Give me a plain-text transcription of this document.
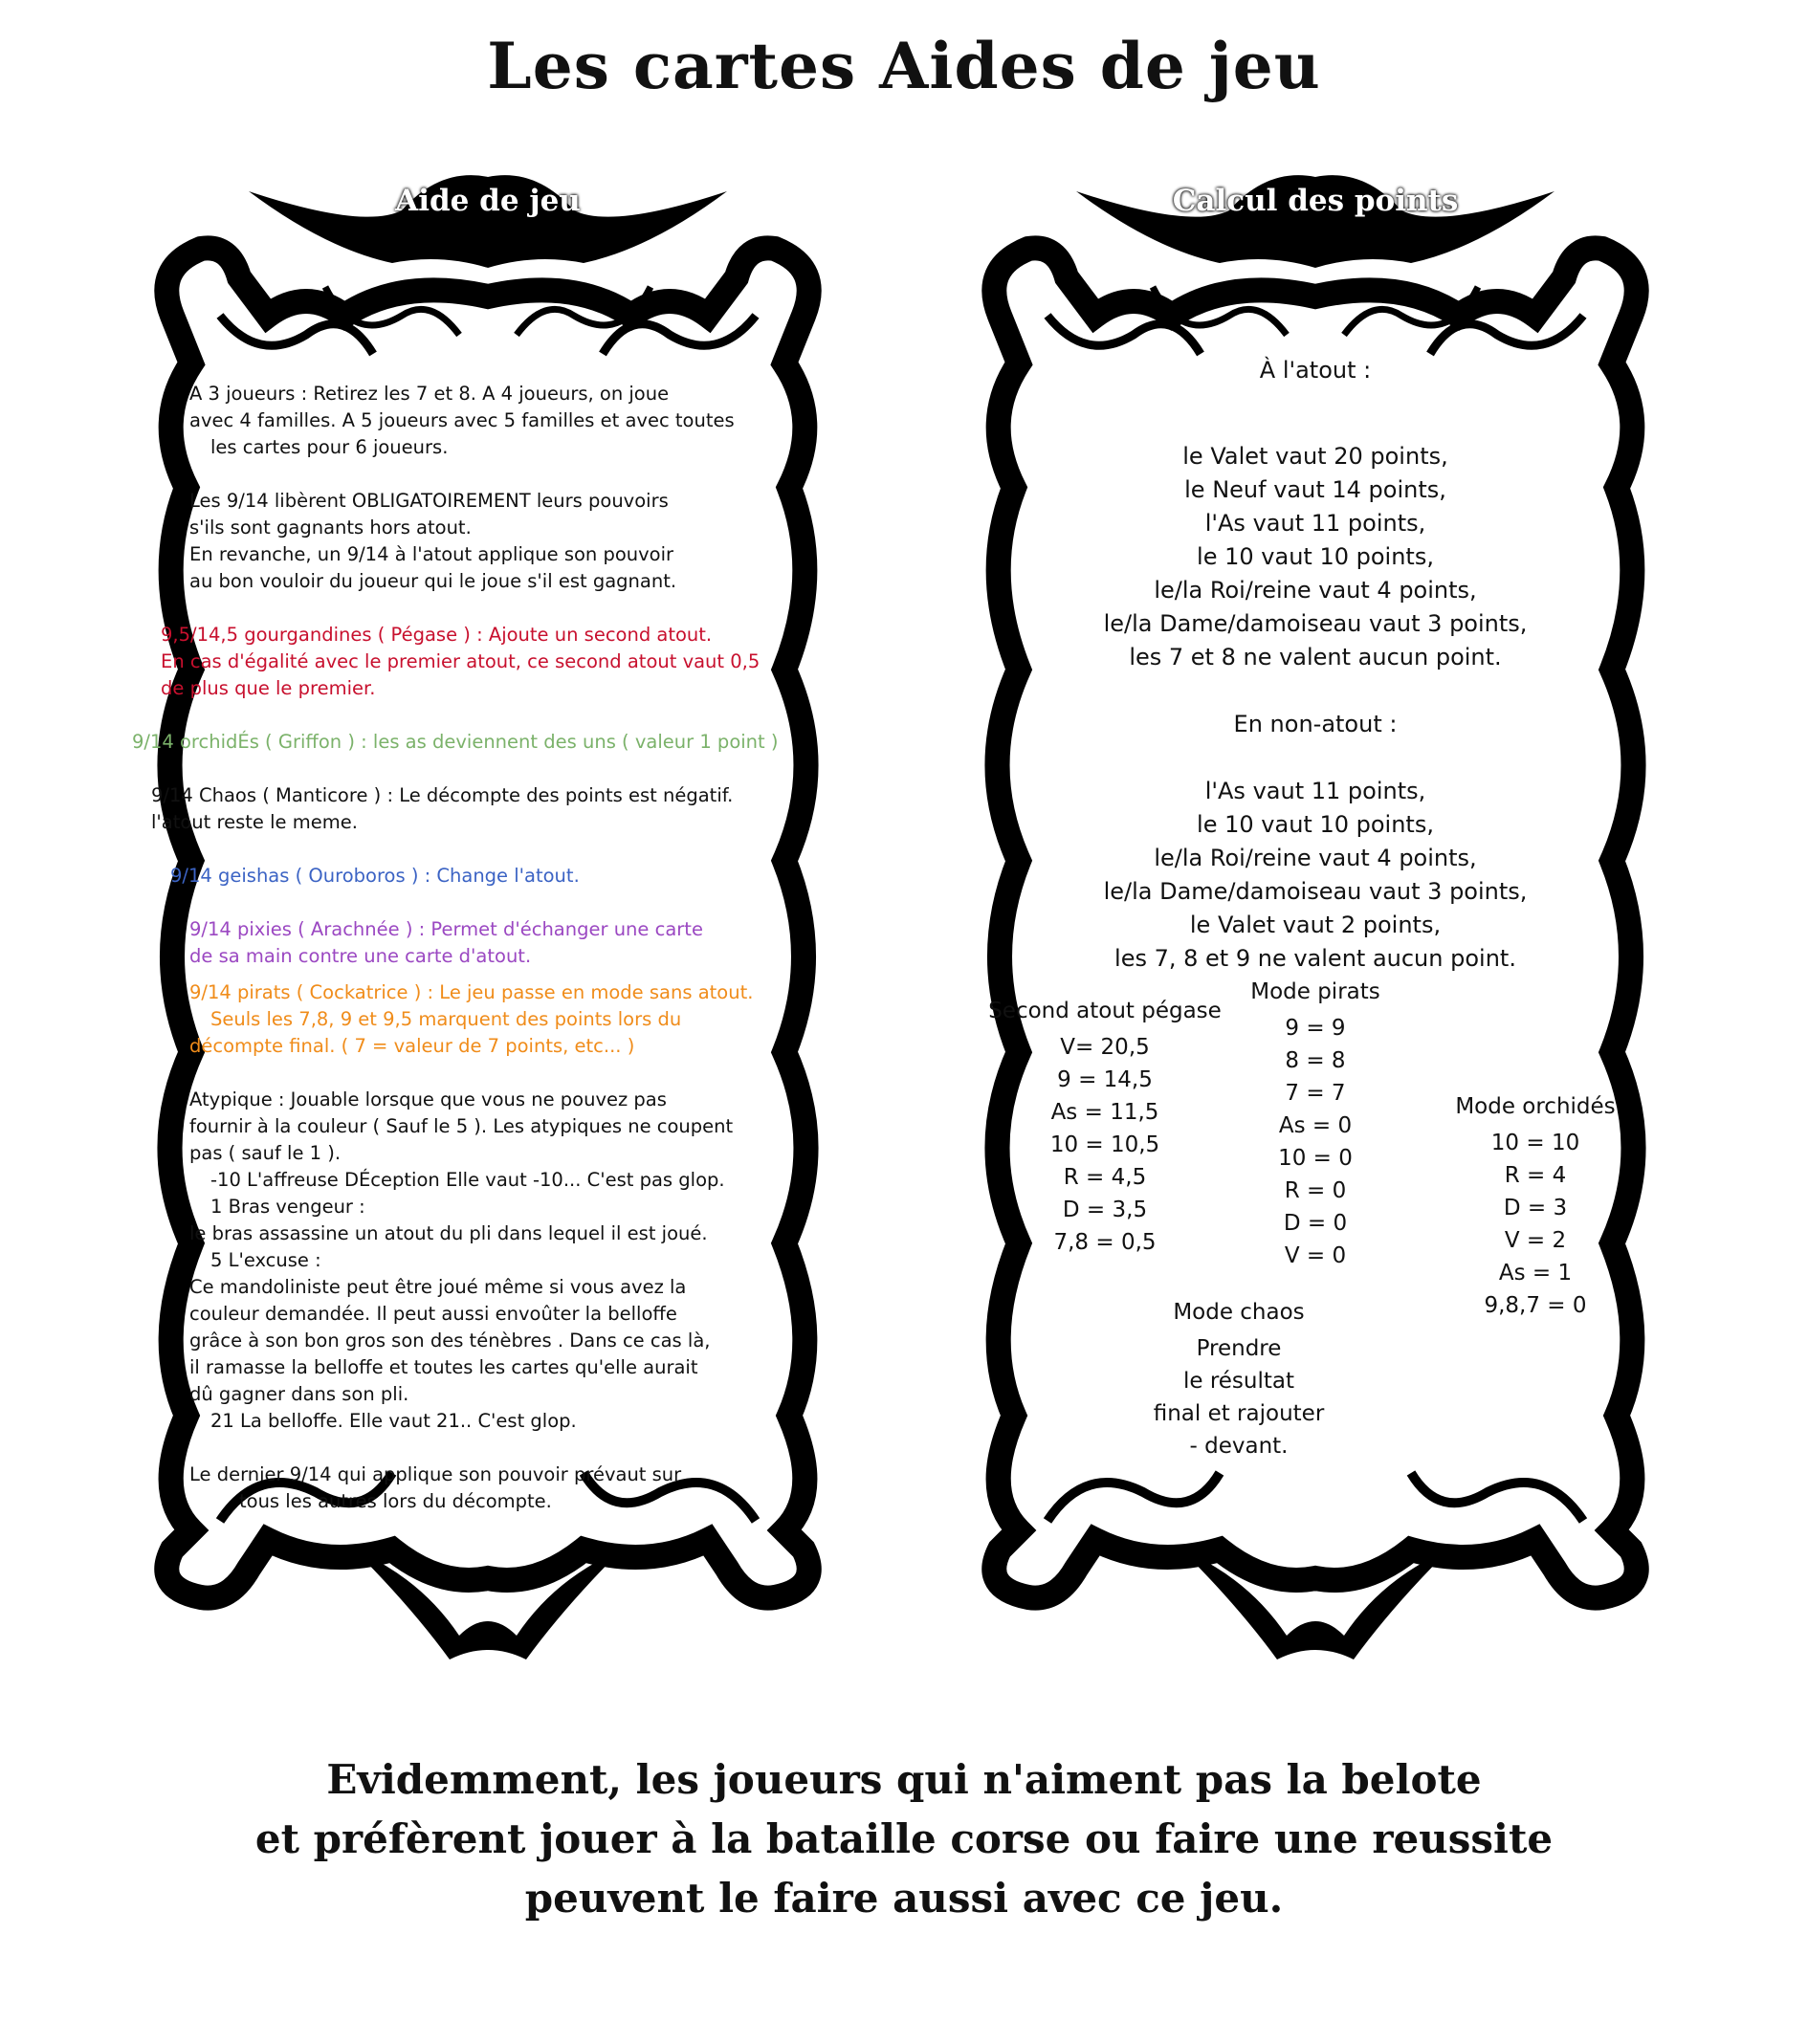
Les cartes Aides de jeu
Aide de jeu

A 3 joueurs : Retirez les 7 et 8. A 4 joueurs, on joue

avec 4 familles. A 5 joueurs avec 5 familles et avec toutes

les cartes pour 6 joueurs.

Les 9/14 libèrent OBLIGATOIREMENT leurs pouvoirs

s'ils sont gagnants hors atout.

En revanche, un 9/14 à l'atout applique son pouvoir

au bon vouloir du joueur qui le joue s'il est gagnant.

9,5/14,5 gourgandines ( Pégase ) : Ajoute un second atout.

En cas d'égalité avec le premier atout, ce second atout vaut 0,5

de plus que le premier.

9/14 orchidÉs ( Griffon ) : les as deviennent des uns ( valeur 1 point )

9/14 Chaos ( Manticore ) : Le décompte des points est négatif.

l'atout reste le meme.

9/14 geishas ( Ouroboros ) : Change l'atout.

9/14 pixies ( Arachnée ) : Permet d'échanger une carte

de sa main contre une carte d'atout.

9/14 pirats ( Cockatrice ) : Le jeu passe en mode sans atout.

Seuls les 7,8, 9 et 9,5 marquent des points lors du

décompte final. ( 7 = valeur de 7 points, etc... )

Atypique : Jouable lorsque que vous ne pouvez pas

fournir à la couleur ( Sauf le 5 ). Les atypiques ne coupent

pas ( sauf le 1 ).

-10 L'affreuse DÉception Elle vaut -10... C'est pas glop.

1 Bras vengeur :

le bras assassine un atout du pli dans lequel il est joué.

5 L'excuse :

Ce mandoliniste peut être joué même si vous avez la

couleur demandée. Il peut aussi envoûter la belloffe

grâce à son bon gros son des ténèbres . Dans ce cas là,

il ramasse la belloffe et toutes les cartes qu'elle aurait

dû gagner dans son pli.

21 La belloffe. Elle vaut 21.. C'est glop.

Le dernier 9/14 qui applique son pouvoir prévaut sur

tous les autres lors du décompte.

Calcul des points

À l'atout :

le Valet vaut 20 points,

le Neuf vaut 14 points,

l'As vaut 11 points,

le 10 vaut 10 points,

le/la Roi/reine vaut 4 points,

le/la Dame/damoiseau vaut 3 points,

les 7 et 8 ne valent aucun point.

En non-atout :

l'As vaut 11 points,

le 10 vaut 10 points,

le/la Roi/reine vaut 4 points,

le/la Dame/damoiseau vaut 3 points,

le Valet vaut 2 points,

les 7, 8 et 9 ne valent aucun point.

Second atout pégase
V= 20,5
9 = 14,5
As = 11,5
10 = 10,5
R = 4,5
D = 3,5
7,8 = 0,5
Mode pirats
9 = 9
8 = 8
7 = 7
As = 0
10 = 0
R = 0
D = 0
V = 0
Mode orchidés
10 = 10
R = 4
D = 3
V = 2
As = 1
9,8,7 = 0
Mode chaos
Prendre
le résultat
final et rajouter
- devant.

Evidemment, les joueurs qui n'aiment pas la belote

et préfèrent jouer à la bataille corse ou faire une reussite

peuvent le faire aussi avec ce jeu.
